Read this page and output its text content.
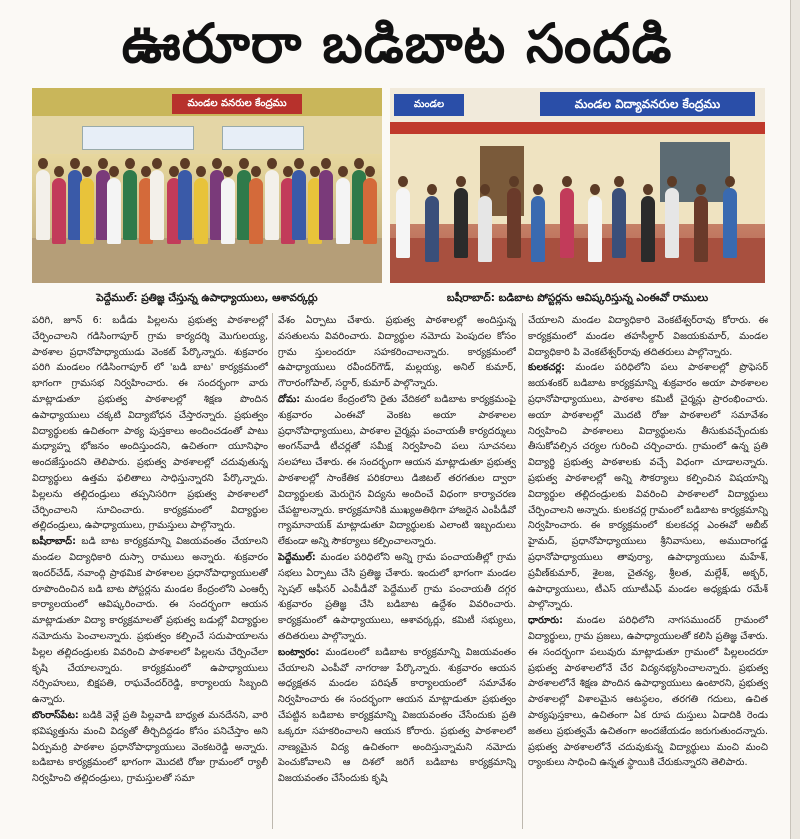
ఊరూరా బడిబాట సందడి
మండల వనరుల కేంద్రము	మండల	మండల విద్యావనరుల కేంద్రము
పెద్దేముల్: ప్రతిజ్ఞ చేస్తున్న ఉపాధ్యాయులు, ఆశావర్కర్లు	బషీరాబాద్: బడిబాట పోస్టర్లను ఆవిష్కరిస్తున్న ఎంఈవో రాములు

పరిగి, జూన్ 6: బడీడు పిల్లలను ప్రభుత్వ పాఠశాలల్లో చేర్పించాలని గడిసింగాపూర్ గ్రామ కార్యదర్శి మొగులయ్య, పాఠశాల ప్రధానోపాధ్యాయుడు వెంకట్ పేర్కొన్నారు. శుక్రవారం పరిగి మండలం గడిసింగాపూర్ లో 'బడి బాట' కార్యక్రమంలో భాగంగా గ్రామసభ నిర్వహించారు. ఈ సందర్భంగా వారు మాట్లాడుతూ ప్రభుత్వ పాఠశాలల్లో శిక్షణ పొందిన ఉపాధ్యాయులు చక్కటి విద్యాబోధన చేస్తారన్నారు. ప్రభుత్వం విద్యార్థులకు ఉచితంగా పాఠ్య పుస్తకాలు అందించడంతో పాటు మధ్యాహ్న భోజనం అందిస్తుందని, ఉచితంగా యూనిఫాం అందజేస్తుందని తెలిపారు. ప్రభుత్వ పాఠశాలల్లో చదువుతున్న విద్యార్థులు ఉత్తమ ఫలితాలు సాధిస్తున్నారని పేర్కొన్నారు. పిల్లలను తల్లిదండ్రులు తప్పనిసరిగా ప్రభుత్వ పాఠశాలలో చేర్పించాలని సూచించారు. కార్యక్రమంలో విద్యార్థుల తల్లిదండ్రులు, ఉపాధ్యాయులు, గ్రామస్తులు పాల్గొన్నారు.

బషీరాబాద్: బడి బాట కార్యక్రమాన్ని విజయవంతం చేయాలని మండల విద్యాధికారి దుస్సా రాములు అన్నారు. శుక్రవారం ఇందర్‌చేడ్, నవాంద్గి ప్రాథమిక పాఠశాలల ప్రధానోపాధ్యాయులతో రూపొందించిన బడి బాట పోస్టర్లను మండల కేంద్రంలోని ఎంఆర్సీ కార్యాలయంలో ఆవిష్కరించారు. ఈ సందర్భంగా ఆయన మాట్లాడుతూ విద్యా కార్యక్రమాలతో ప్రభుత్వ బడుల్లో విద్యార్థుల నమోదును పెంచాలన్నారు. ప్రభుత్వం కల్పించే సదుపాయాలను పిల్లల తల్లిదండ్రులకు వివరించి పాఠశాలలో పిల్లలను చేర్పించేలా కృషి చేయాలన్నారు. కార్యక్రమంలో ఉపాధ్యాయులు నర్సింహులు, బిక్షపతి, రాఘవేందర్‌రెడ్డి, కార్యాలయ సిబ్బంది ఉన్నారు.

బొంరాస్‌పేట: బడికి వెళ్లే ప్రతి పిల్లవాడి బాధ్యత మనదేనని, వారి భవిష్యత్తును మంచి విద్యతో తీర్చిదిద్దడం కోసం పనిచేస్తాం అని ఏర్పుమర్రి పాఠశాల ప్రధానోపాధ్యాయులు వెంకటరెడ్డి అన్నారు. బడిబాట కార్యక్రమంలో భాగంగా మొదటి రోజు గ్రామంలో ర్యాలీ నిర్వహించి తల్లిదండ్రులు, గ్రామస్తులతో సమా

వేశం ఏర్పాటు చేశారు. ప్రభుత్వ పాఠశాలల్లో అందిస్తున్న వసతులను వివరించారు. విద్యార్థుల నమోదు పెంపుదల కోసం గ్రామ స్తులందరూ సహకరించాలన్నారు. కార్యక్రమంలో ఉపాధ్యాయులు రవీందర్‌గౌడ్, మల్లయ్య, అనిల్ కుమార్, గౌరారం‌గోపాల్, సర్దార్, కుమార్ పాల్గొన్నారు.

దోమ: మండల కేంద్రంలోని రైతు వేదికలో బడిబాట కార్యక్రమంపై శుక్రవారం ఎంఈవో వెంకట అయా పాఠశాలల ప్రధానోపాధ్యాయులు, పాఠశాల చైర్మన్లు పంచాయతీ కార్యదర్శులు అంగన్‌వాడీ టీచర్లతో సమీక్ష నిర్వహించి పలు సూచనలు సలహాలు చేశారు. ఈ సందర్భంగా ఆయన మాట్లాడుతూ ప్రభుత్వ పాఠశాలల్లో సాంకేతిక పరికరాలు డిజిటల్ తరగతుల ద్వారా విద్యార్థులకు మెరుగైన విద్యను అందించే విధంగా కార్యాచరణ చేపట్టాలన్నారు. కార్యక్రమానికి ముఖ్యఅతిథిగా హాజరైన ఎంపీడీవో గ్యామానాయక్ మాట్లాడుతూ విద్యార్థులకు ఎలాంటి ఇబ్బందులు లేకుండా అన్ని సౌకర్యాలు కల్పించాలన్నారు.

పెద్దేముల్: మండల పరిధిలోని అన్ని గ్రామ పంచాయతీల్లో గ్రామ సభలు ఏర్పాటు చేసి ప్రతిజ్ఞ చేశారు. ఇందులో భాగంగా మండల స్పెషల్ ఆఫీసర్ ఎంపీడీవో పెద్దేముల్ గ్రామ పంచాయతీ దగ్గర శుక్రవారం ప్రతిజ్ఞ చేసి బడిబాట ఉద్దేశం వివరించారు. కార్యక్రమంలో ఉపాధ్యాయులు, ఆశావర్కర్లు, కమిటీ సభ్యులు, తదితరులు పాల్గొన్నారు.

బంట్వారం: మండలంలో బడిబాట కార్యక్రమాన్ని విజయవంతం చేయాలని ఎంపీవో నాగరాజు పేర్కొన్నారు. శుక్రవారం ఆయన అధ్యక్షతన మండల పరిషత్ కార్యాలయంలో సమావేశం నిర్వహించారు ఈ సందర్భంగా ఆయన మాట్లాడుతూ ప్రభుత్వం చేపట్టిన బడిబాట కార్యక్రమాన్ని విజయవంతం చేసేందుకు ప్రతి ఒక్కరూ సహకరించాలని ఆయన కోరారు. ప్రభుత్వ పాఠశాలలో నాణ్యమైన విద్య ఉచితంగా అందిస్తున్నామని నమోదు పెంచుకోవాలని ఆ దిశలో జరిగే బడిబాట కార్యక్రమాన్ని విజయవంతం చేసేందుకు కృషి

చేయాలని మండల విద్యాధికారి వెంకటేశ్వర్‌రావు కోరారు. ఈ కార్యక్రమంలో మండల తహసీల్దార్ విజయకుమార్, మండల విద్యాధికారి పి వెంకటేశ్వర్‌రావు తదితరులు పాల్గొన్నారు.

కులకచర్ల: మండల పరిధిలోని పలు పాఠశాలల్లో ప్రొఫెసర్ జయశంకర్ బడిబాట కార్యక్రమాన్ని శుక్రవారం అయా పాఠశాలల ప్రధానోపాధ్యాయులు, పాఠశాల కమిటీ చైర్మన్లు ప్రారంభించారు. అయా పాఠశాలల్లో మొదటి రోజు పాఠశాలలో సమావేశం నిర్వహించి పాఠశాలలు విద్యార్థులను తీసుకువచ్చేందుకు తీసుకోవల్సిన చర్యల గురించి చర్చించారు. గ్రామంలో ఉన్న ప్రతి విద్యార్థి ప్రభుత్వ పాఠశాలకు వచ్చే విధంగా చూడాలన్నారు. ప్రభుత్వ పాఠశాలల్లో అన్ని సౌకర్యాలు కల్పించిన విషయాన్ని విద్యార్థుల తల్లిదండ్రులకు వివరించి పాఠశాలలో విద్యార్థులు చేర్పించాలని అన్నారు. కులకచర్ల గ్రామంలో బడిబాట కార్యక్రమాన్ని నిర్వహించారు. ఈ కార్యక్రమంలో కులకచర్ల ఎంఈవో అబీబ్ హైమద్, ప్రధానోపాధ్యాయులు శ్రీనివాసులు, అముదాంగడ్డ ప్రధానోపాధ్యాయులు తావుర్యా, ఉపాధ్యాయులు మహేశ్, ప్రవీణ్‌కుమార్, శైలజ, చైతన్య, శ్రీలత, మల్లేశ్, అక్బర్, ఉపాధ్యాయులు, టీఎస్ యూటీఎఫ్ మండల అధ్యక్షుడు రమేశ్ పాల్గొన్నారు.

ధారూరు: మండల పరిధిలోని నాగసముందర్ గ్రామంలో విద్యార్థులు, గ్రామ ప్రజలు, ఉపాధ్యాయులతో కలిసి ప్రతిజ్ఞ చేశారు. ఈ సందర్భంగా పలువురు మాట్లాడుతూ గ్రామంలో పిల్లలందరూ ప్రభుత్వ పాఠశాలలోనే చేర విద్యనభ్యసించాలన్నారు. ప్రభుత్వ పాఠశాలలోనే శిక్షణ పొందిన ఉపాధ్యాయులు ఉంటారని, ప్రభుత్వ పాఠశాలల్లో విశాలమైన ఆటస్థలం, తరగతి గదులు, ఉచిత పాఠ్యపుస్తకాలు, ఉచితంగా ఏక రూప దుస్తులు ఏడాదికి రెండు జతలు ప్రభుత్వమే ఉచితంగా అందజేయడం జరుగుతుందన్నారు. ప్రభుత్వ పాఠశాలలోనే చదువుకున్న విద్యార్థులు మంచి మంచి ర్యాంకులు సాధించి ఉన్నత స్థాయికి చేరుకున్నారని తెలిపారు.
